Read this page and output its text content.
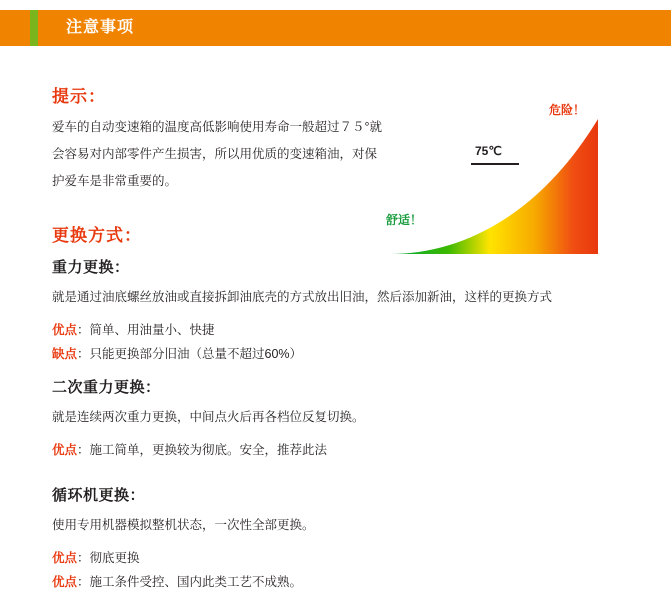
注意事项
提示：
爱车的自动变速箱的温度高低影响使用寿命一般超过７５°就
会容易对内部零件产生损害，所以用优质的变速箱油，对保
护爱车是非常重要的。
危险！
舒适！
75℃
更换方式：
重力更换：
就是通过油底螺丝放油或直接拆卸油底壳的方式放出旧油，然后添加新油，这样的更换方式
优点：简单、用油量小、快捷
缺点：只能更换部分旧油（总量不超过60%）
二次重力更换：
就是连续两次重力更换，中间点火后再各档位反复切换。
优点：施工简单，更换较为彻底。安全，推荐此法
循环机更换：
使用专用机器模拟整机状态，一次性全部更换。
优点：彻底更换
优点：施工条件受控、国内此类工艺不成熟。
